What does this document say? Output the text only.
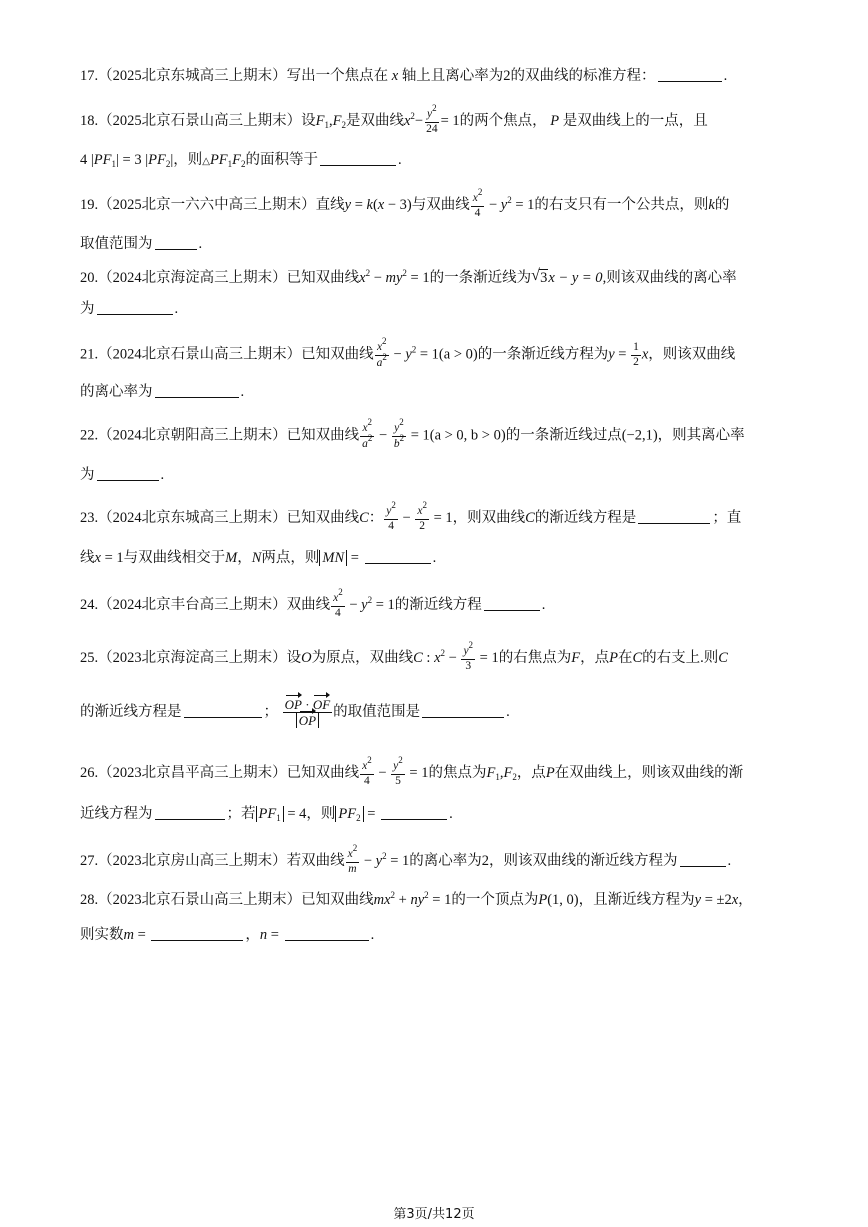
17.（2025北京东城高三上期末）写出一个焦点在 x 轴上且离心率为2的双曲线的标准方程：	.
18.（2025北京石景山高三上期末）设$F_1,F_2$是双曲线$x^2- \frac{y^2}{24} = 1$的两个焦点， P 是双曲线上的一点，且
4 $|PF_1| = 3$ $|PF_2|$，则$\triangle PF_1F_2$的面积等于	.
19.（2025北京一六六中高三上期末）直线y = k(x − 3)与双曲线 $\frac{x^2}{4} - y^2 = 1$的右支只有一个公共点，则k的
取值范围为	.
20.（2024北京海淀高三上期末）已知双曲线$x^2 - my^2 = 1$的一条渐近线为 √ 3x − y = 0,则该双曲线的离心率
为	.
21.（2024北京石景山高三上期末）已知双曲线 $\frac{x^2}{a^2} - y^2 = 1(a > 0)$的一条渐近线方程为$y = \frac{1}{2}$ x，则该双曲线
的离心率为	.
22.（2024北京朝阳高三上期末）已知双曲线 $\frac{x^2}{a^2} - \frac{y^2}{b^2} = 1(a > 0$, b > 0)的一条渐近线过点(−2,1)，则其离心率
为	.
23.（2024北京东城高三上期末）已知双曲线C： $\frac{y^2}{4} - \frac{x^2}{2} = 1$，则双曲线C的渐近线方程是	；直
线x = 1与双曲线相交于M，N两点，则 MN =	.
24.（2024北京丰台高三上期末）双曲线 $\frac{x^2}{4} - y^2 = 1$的渐近线方程	.
25.（2023北京海淀高三上期末）设O为原点，双曲线C : $x^2 - \frac{y^2}{3} = 1$的右焦点为F，点P在C的右支上.则C
的渐近线方程是	； $\frac{OP \cdot OF}{OP}$ 的取值范围是	.
26.（2023北京昌平高三上期末）已知双曲线 $\frac{x^2}{4} - \frac{y^2}{5} = 1$的焦点为$F_1,F_2$，点P在双曲线上，则该双曲线的渐
近线方程为	；若 $PF_1 = 4$，则 $PF_2$ =	.
27.（2023北京房山高三上期末）若双曲线 $\frac{x^2}{m} - y^2 = 1$的离心率为2，则该双曲线的渐近线方程为	.
28.（2023北京石景山高三上期末）已知双曲线$mx^2 + ny^2 = 1$的一个顶点为P(1, 0)，且渐近线方程为y = ±2x，
则实数m =	，n =	.
第3页/共12页
